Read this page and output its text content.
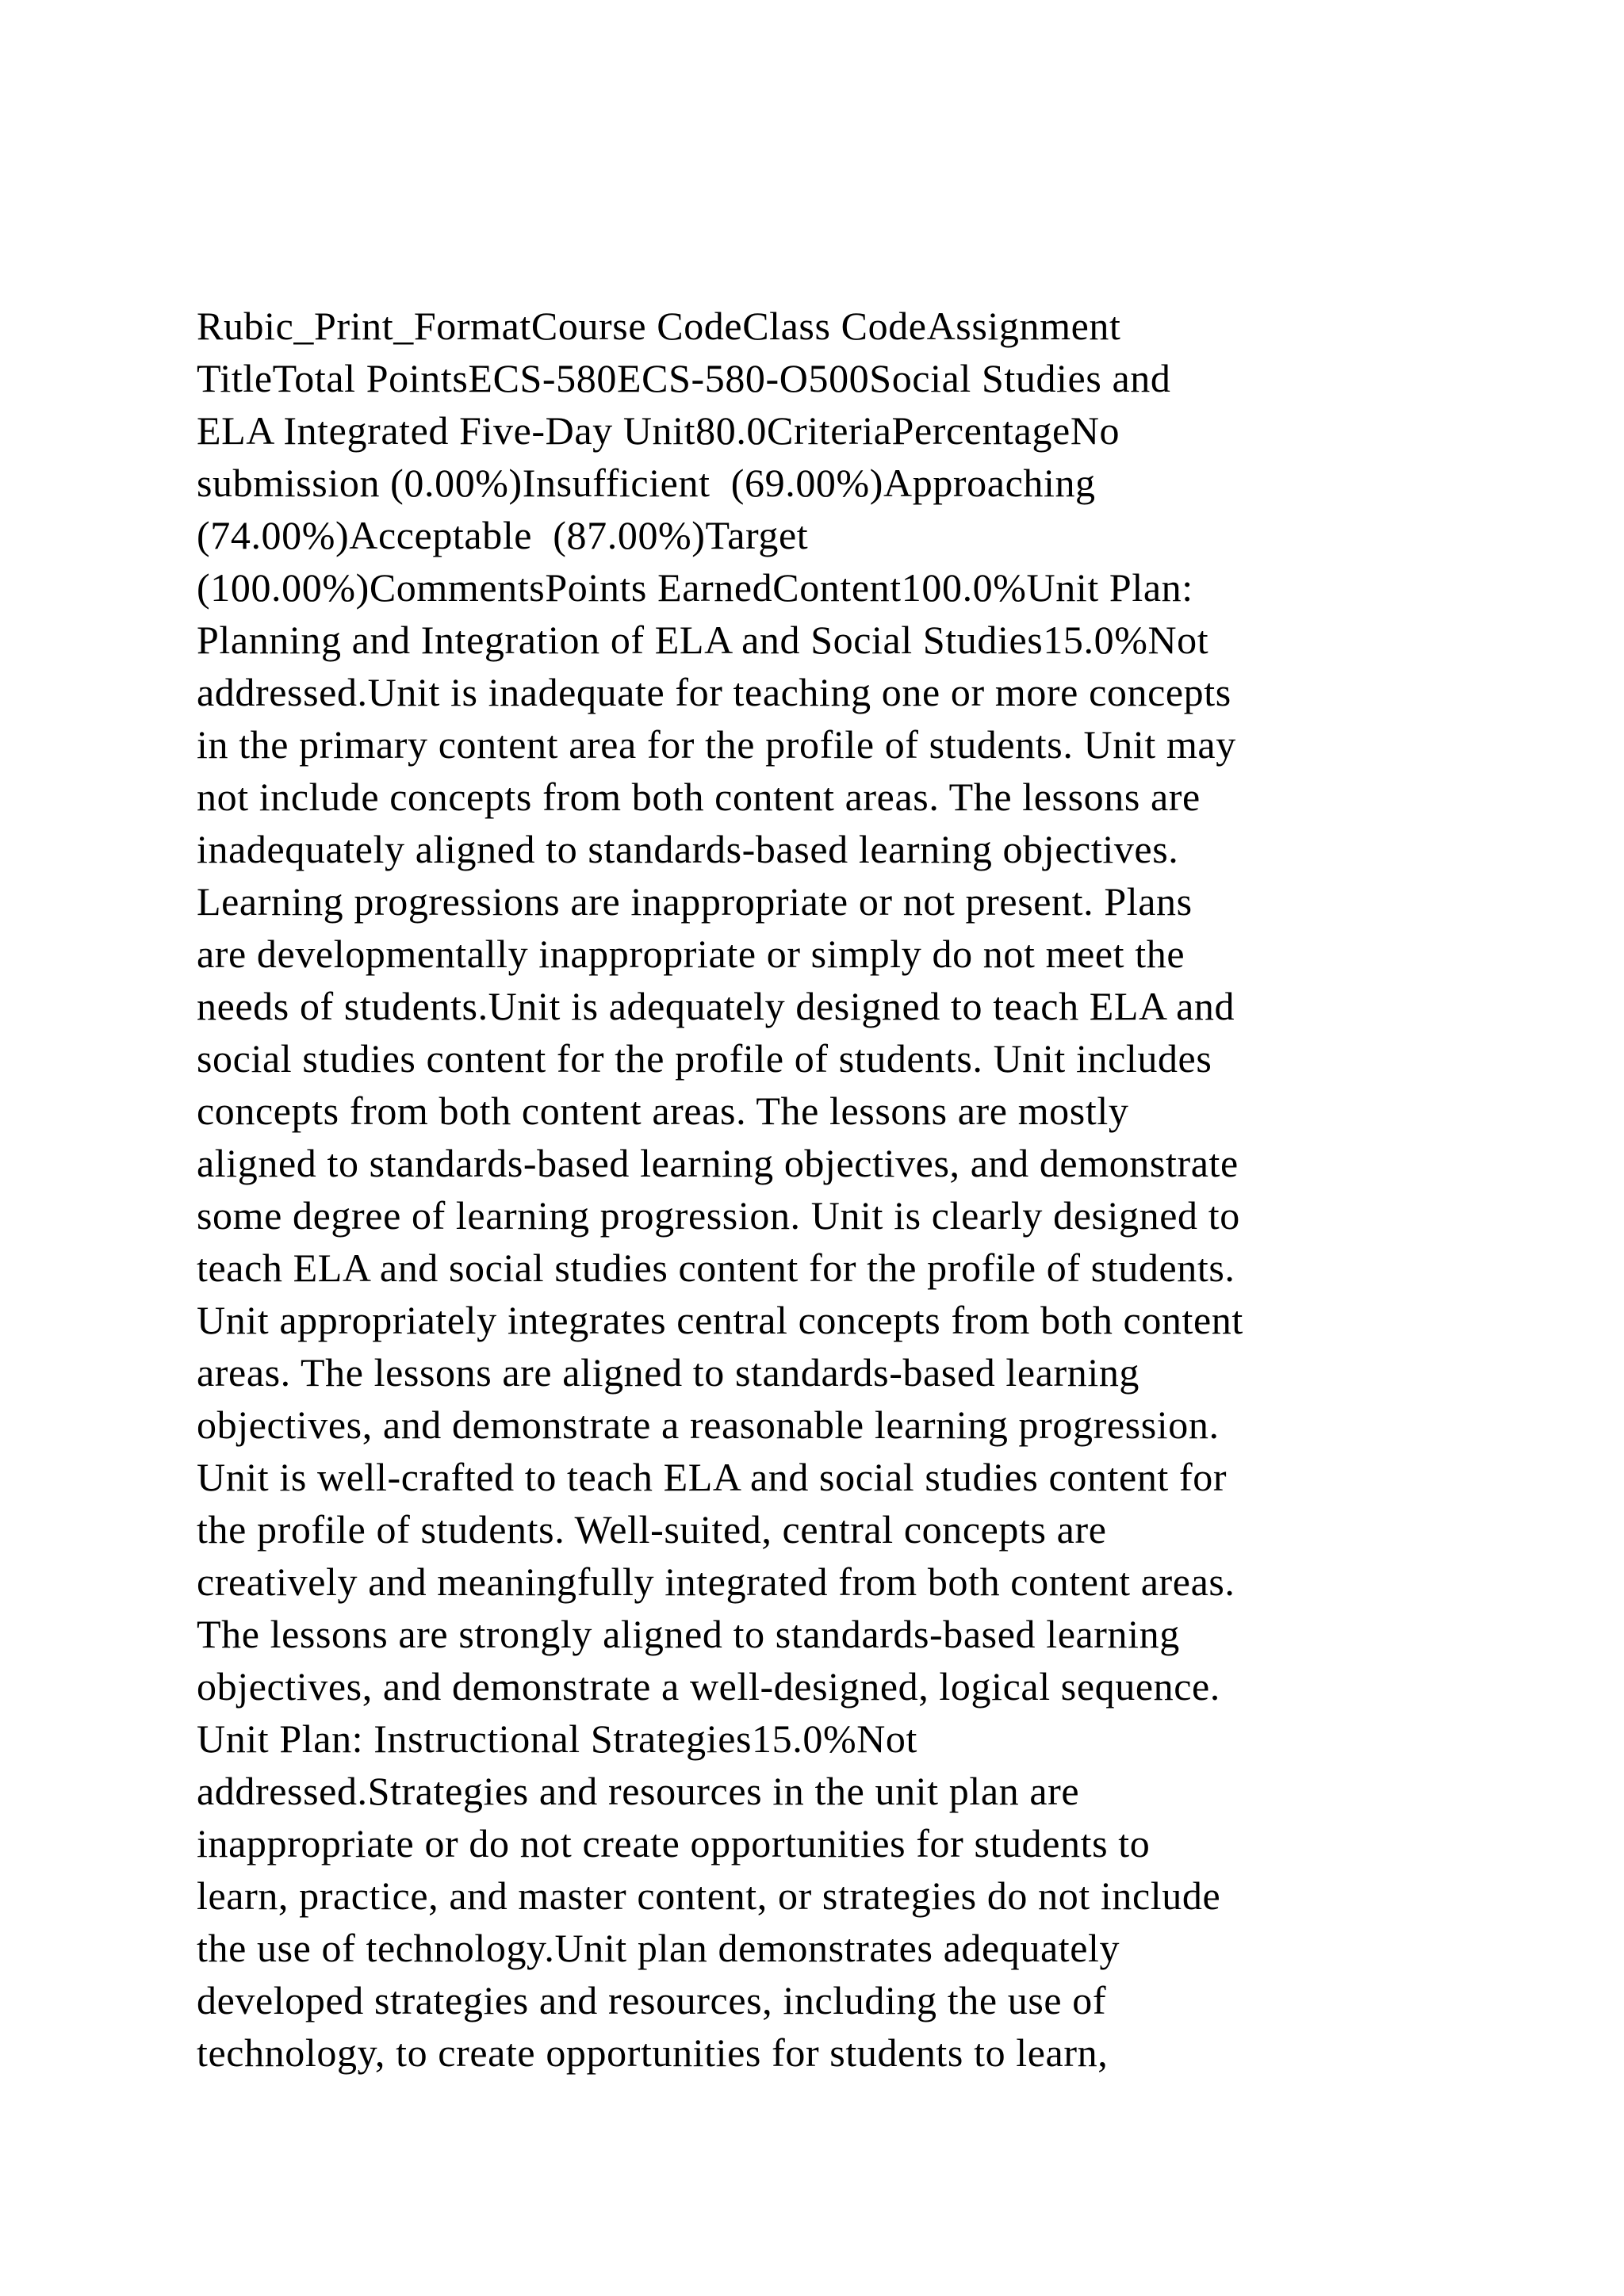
Rubic_Print_FormatCourse CodeClass CodeAssignment
TitleTotal PointsECS-580ECS-580-O500Social Studies and
ELA Integrated Five-Day Unit80.0CriteriaPercentageNo
submission (0.00%)Insufficient  (69.00%)Approaching
(74.00%)Acceptable  (87.00%)Target
(100.00%)CommentsPoints EarnedContent100.0%Unit Plan:
Planning and Integration of ELA and Social Studies15.0%Not
addressed.Unit is inadequate for teaching one or more concepts
in the primary content area for the profile of students. Unit may
not include concepts from both content areas. The lessons are
inadequately aligned to standards-based learning objectives.
Learning progressions are inappropriate or not present. Plans
are developmentally inappropriate or simply do not meet the
needs of students.Unit is adequately designed to teach ELA and
social studies content for the profile of students. Unit includes
concepts from both content areas. The lessons are mostly
aligned to standards-based learning objectives, and demonstrate
some degree of learning progression. Unit is clearly designed to
teach ELA and social studies content for the profile of students.
Unit appropriately integrates central concepts from both content
areas. The lessons are aligned to standards-based learning
objectives, and demonstrate a reasonable learning progression.
Unit is well-crafted to teach ELA and social studies content for
the profile of students. Well-suited, central concepts are
creatively and meaningfully integrated from both content areas.
The lessons are strongly aligned to standards-based learning
objectives, and demonstrate a well-designed, logical sequence.
Unit Plan: Instructional Strategies15.0%Not
addressed.Strategies and resources in the unit plan are
inappropriate or do not create opportunities for students to
learn, practice, and master content, or strategies do not include
the use of technology.Unit plan demonstrates adequately
developed strategies and resources, including the use of
technology, to create opportunities for students to learn,
